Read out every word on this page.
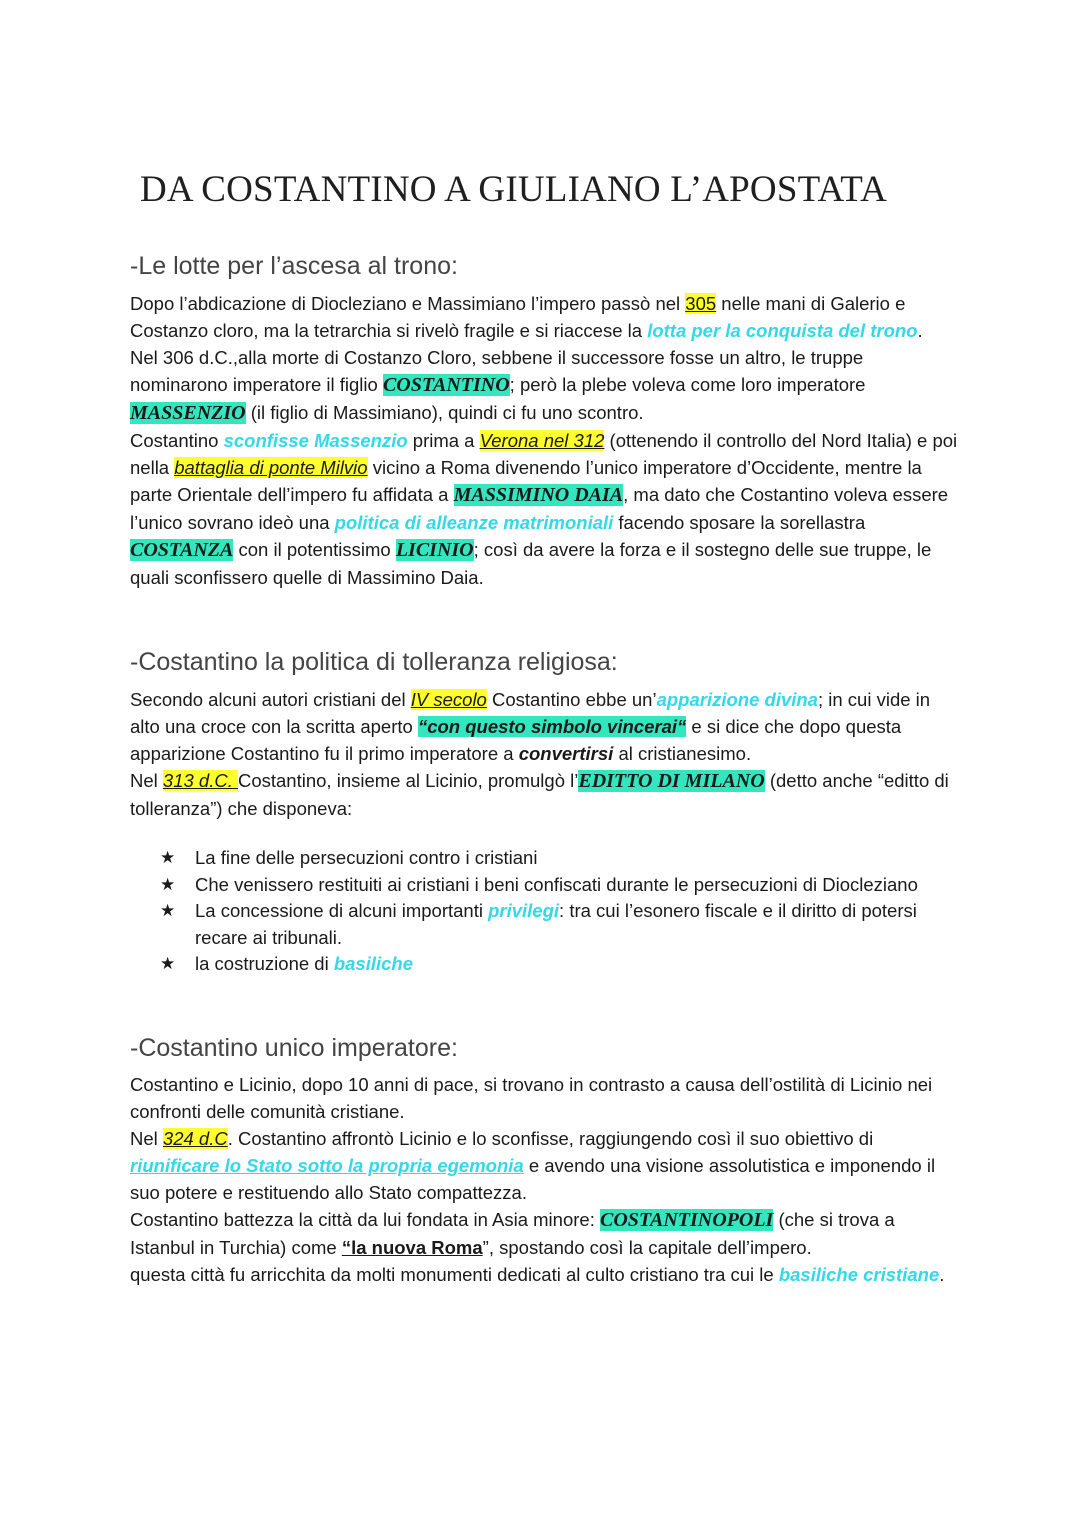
DA COSTANTINO A GIULIANO L’APOSTATA
-Le lotte per l’ascesa al trono:
Dopo l’abdicazione di Diocleziano e Massimiano l’impero passò nel 305 nelle mani di Galerio e Costanzo cloro, ma la tetrarchia si rivelò fragile e si riaccese la lotta per la conquista del trono.
Nel 306 d.C.,alla morte di Costanzo Cloro, sebbene il successore fosse un altro, le truppe nominarono imperatore il figlio COSTANTINO; però la plebe voleva come loro imperatore MASSENZIO (il figlio di Massimiano), quindi ci fu uno scontro.
Costantino sconfisse Massenzio prima a Verona nel 312 (ottenendo il controllo del Nord Italia) e poi nella battaglia di ponte Milvio vicino a Roma divenendo l’unico imperatore d’Occidente, mentre la parte Orientale dell’impero fu affidata a MASSIMINO DAIA, ma dato che Costantino voleva essere l’unico sovrano ideò una politica di alleanze matrimoniali facendo sposare la sorellastra COSTANZA con il potentissimo LICINIO; così da avere la forza e il sostegno delle sue truppe, le quali sconfissero quelle di Massimino Daia.
-Costantino la politica di tolleranza religiosa:
Secondo alcuni autori cristiani del IV secolo Costantino ebbe un’apparizione divina; in cui vide in alto una croce con la scritta aperto “con questo simbolo vincerai“ e si dice che dopo questa apparizione Costantino fu il primo imperatore a convertirsi al cristianesimo.
Nel 313 d.C. Costantino, insieme al Licinio, promulgò l’EDITTO DI MILANO (detto anche “editto di tolleranza”) che disponeva:
★ La fine delle persecuzioni contro i cristiani
★ Che venissero restituiti ai cristiani i beni confiscati durante le persecuzioni di Diocleziano
★ La concessione di alcuni importanti privilegi: tra cui l’esonero fiscale e il diritto di potersi recare ai tribunali.
★ la costruzione di basiliche
-Costantino unico imperatore:
Costantino e Licinio, dopo 10 anni di pace, si trovano in contrasto a causa dell’ostilità di Licinio nei confronti delle comunità cristiane.
Nel 324 d.C. Costantino affrontò Licinio e lo sconfisse, raggiungendo così il suo obiettivo di riunificare lo Stato sotto la propria egemonia e avendo una visione assolutistica e imponendo il suo potere e restituendo allo Stato compattezza.
Costantino battezza la città da lui fondata in Asia minore: COSTANTINOPOLI (che si trova a Istanbul in Turchia) come “la nuova Roma”, spostando così la capitale dell’impero.
questa città fu arricchita da molti monumenti dedicati al culto cristiano tra cui le basiliche cristiane.
